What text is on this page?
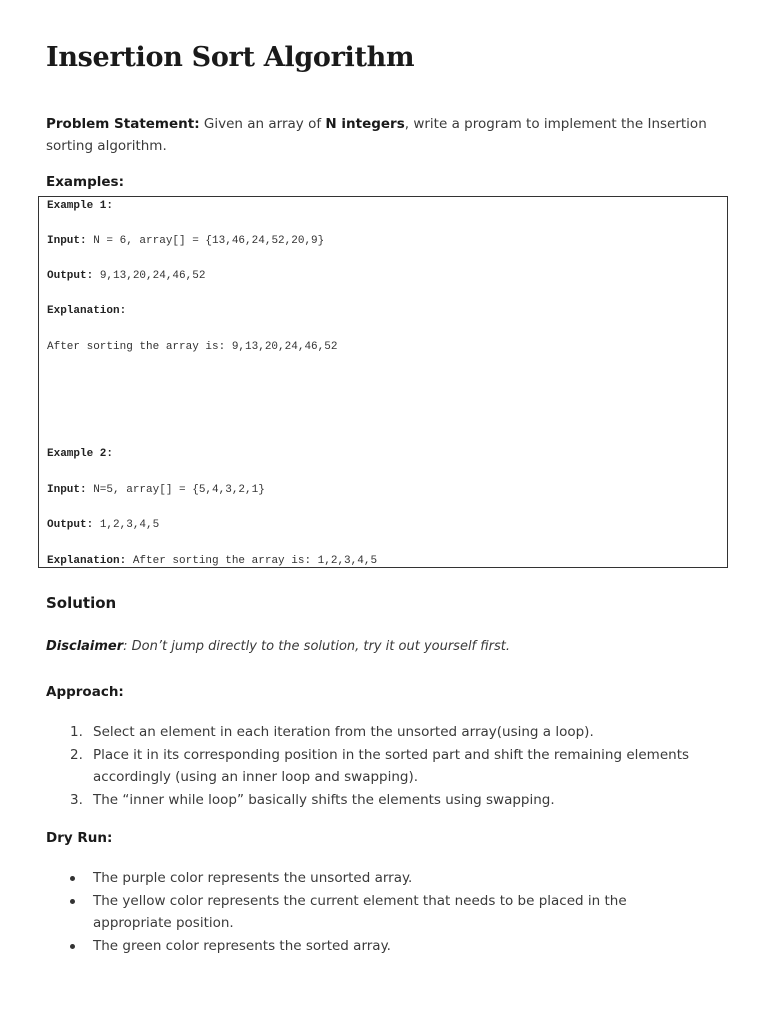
Insertion Sort Algorithm

Problem Statement: Given an array of N integers, write a program to implement the Insertion sorting algorithm.

Examples:

Example 1:
Input: N = 6, array[] = {13,46,24,52,20,9}
Output: 9,13,20,24,46,52
Explanation:
After sorting the array is: 9,13,20,24,46,52
Example 2:
Input: N=5, array[] = {5,4,3,2,1}
Output: 1,2,3,4,5
Explanation: After sorting the array is: 1,2,3,4,5
Solution

Disclaimer: Don’t jump directly to the solution, try it out yourself first.

Approach:

1. Select an element in each iteration from the unsorted array(using a loop).
2. Place it in its corresponding position in the sorted part and shift the remaining elements accordingly (using an inner loop and swapping).
3. The “inner while loop” basically shifts the elements using swapping.

Dry Run:

The purple color represents the unsorted array.
The yellow color represents the current element that needs to be placed in the appropriate position.
The green color represents the sorted array.
